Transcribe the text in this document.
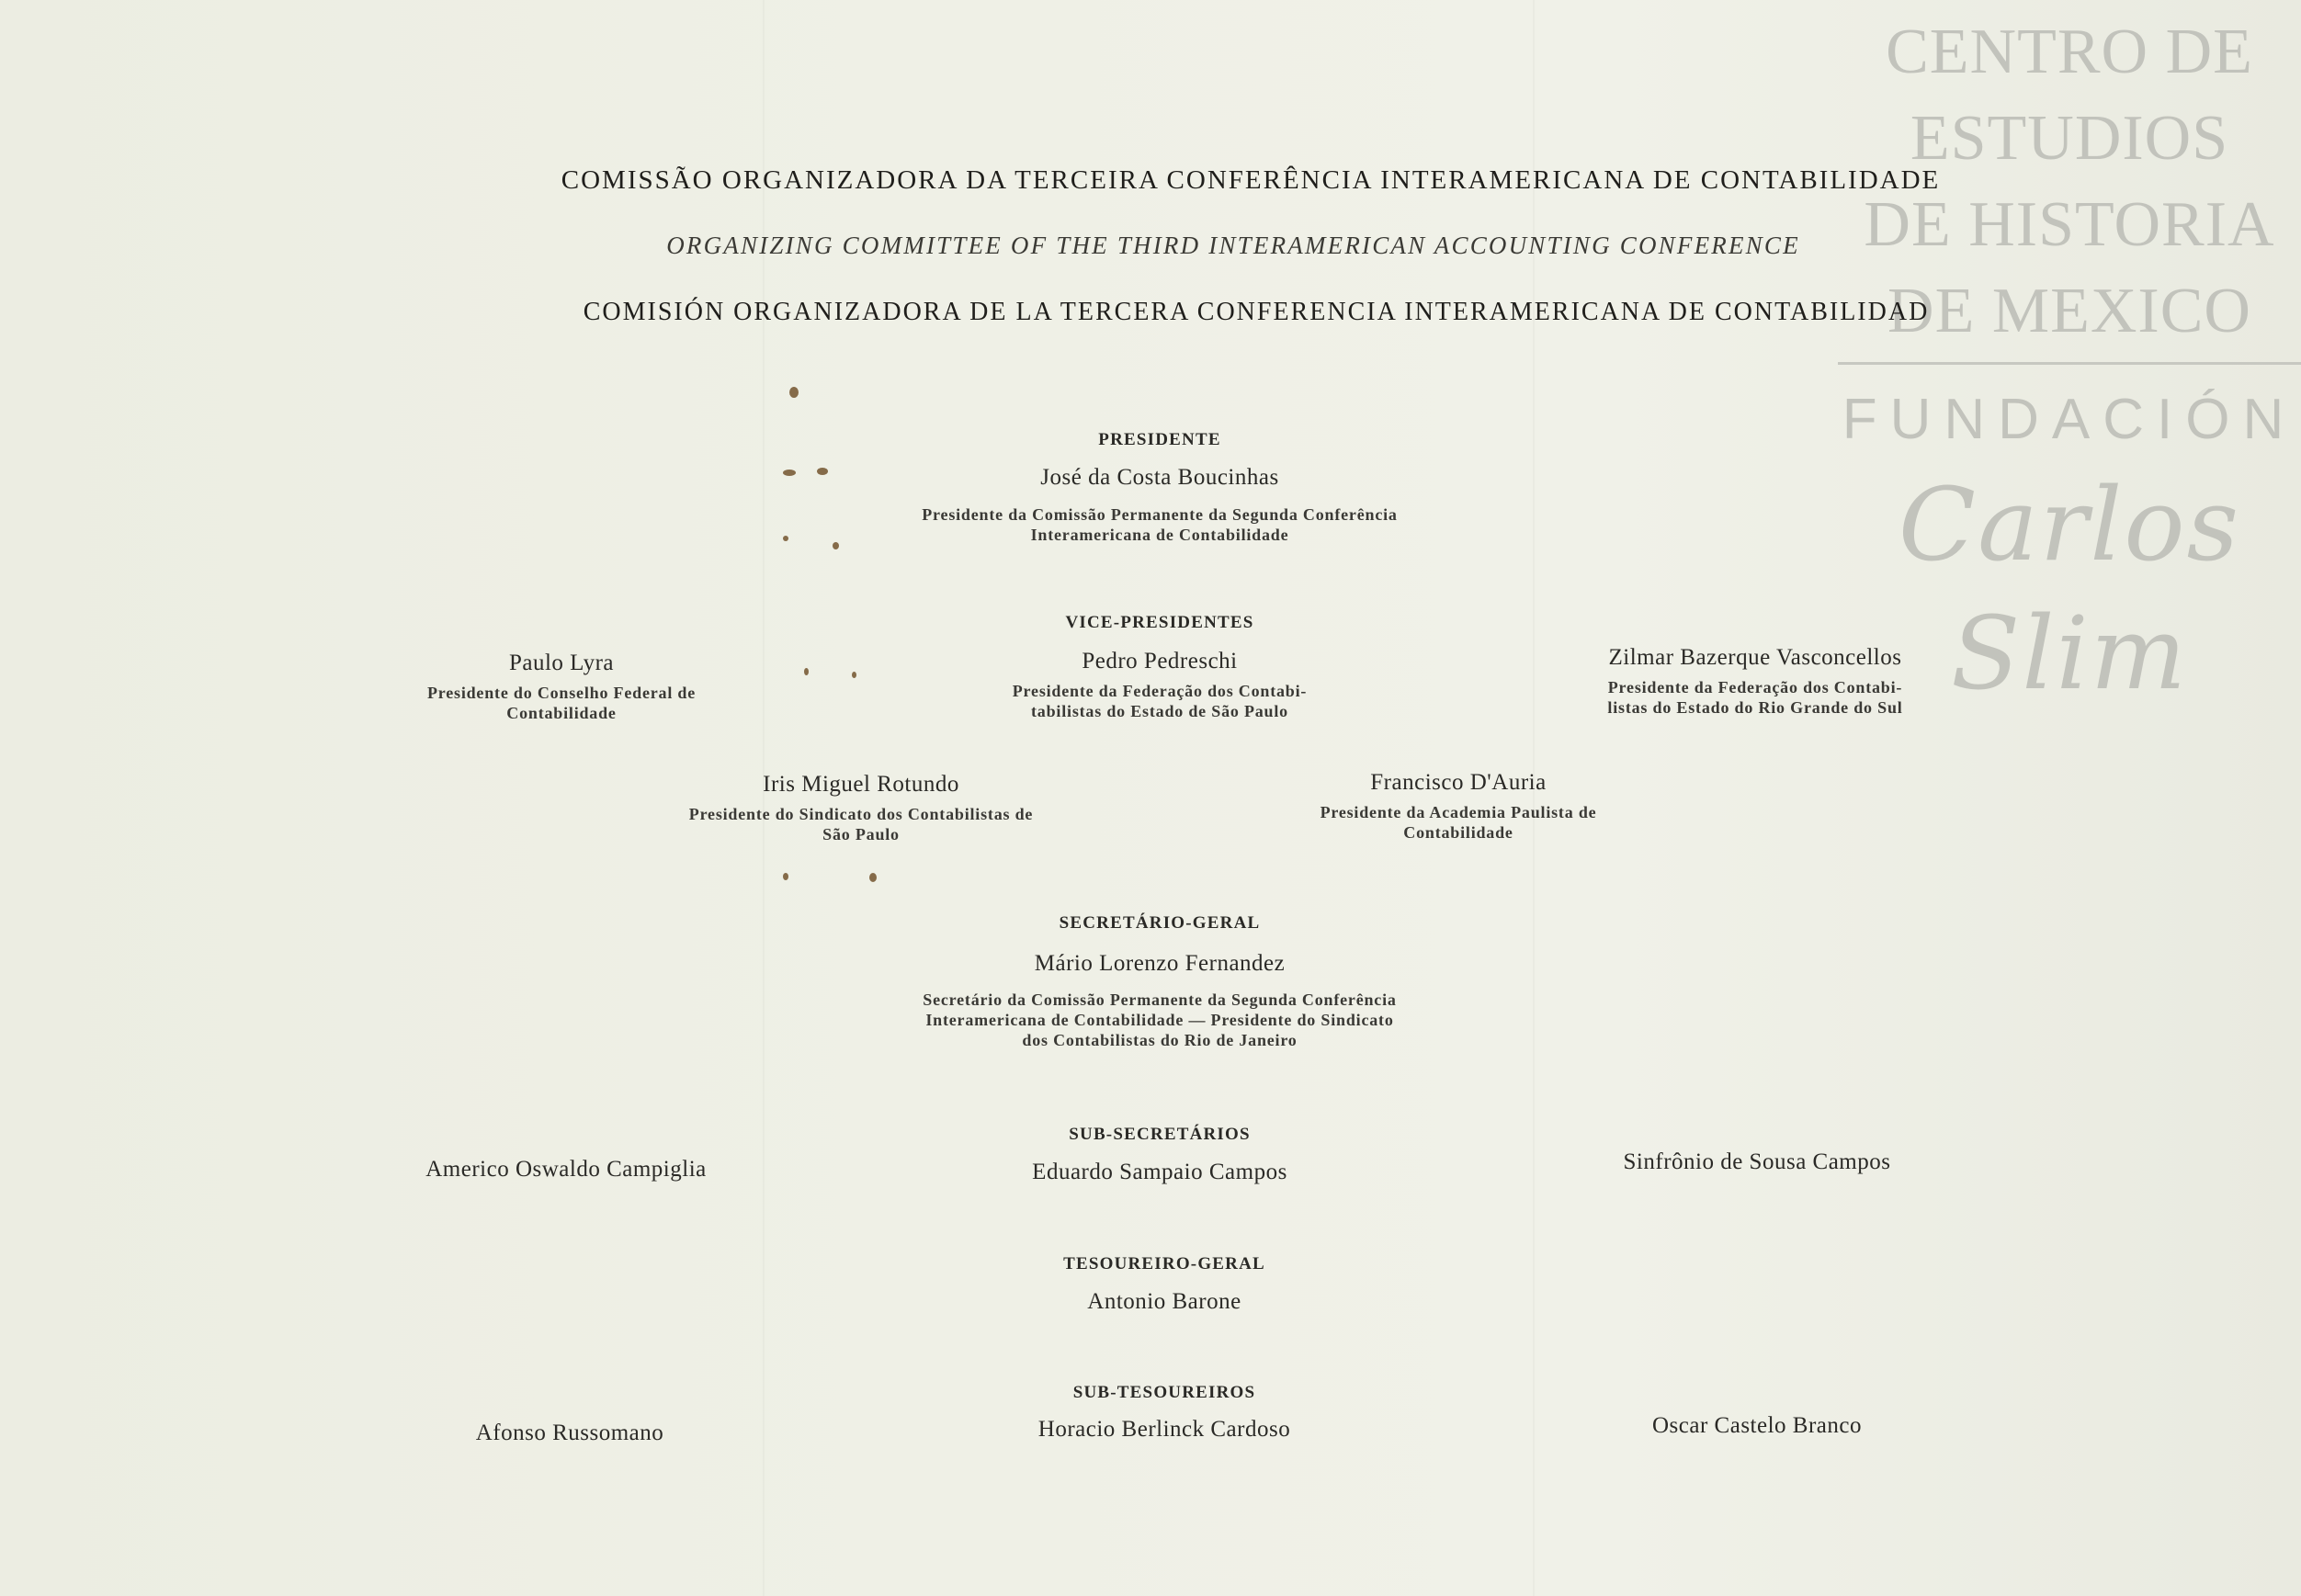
CENTRO DE
ESTUDIOS
DE HISTORIA
DE MEXICO
FUNDACIÓN
Carlos Slim
COMISSÃO ORGANIZADORA DA TERCEIRA CONFERÊNCIA INTERAMERICANA DE CONTABILIDADE
ORGANIZING COMMITTEE OF THE THIRD INTERAMERICAN ACCOUNTING CONFERENCE
COMISIÓN ORGANIZADORA DE LA TERCERA CONFERENCIA INTERAMERICANA DE CONTABILIDAD
PRESIDENTE
José da Costa Boucinhas
Presidente da Comissão Permanente da Segunda Conferência
Interamericana de Contabilidade
VICE-PRESIDENTES
Paulo Lyra
Presidente do Conselho Federal de
Contabilidade
Pedro Pedreschi
Presidente da Federação dos Contabi-
tabilistas do Estado de São Paulo
Zilmar Bazerque Vasconcellos
Presidente da Federação dos Contabi-
listas do Estado do Rio Grande do Sul
Iris Miguel Rotundo
Presidente do Sindicato dos Contabilistas de
São Paulo
Francisco D'Auria
Presidente da Academia Paulista de
Contabilidade
SECRETÁRIO-GERAL
Mário Lorenzo Fernandez
Secretário da Comissão Permanente da Segunda Conferência
Interamericana de Contabilidade — Presidente do Sindicato
dos Contabilistas do Rio de Janeiro
SUB-SECRETÁRIOS
Americo Oswaldo Campiglia	Eduardo Sampaio Campos	Sinfrônio de Sousa Campos
TESOUREIRO-GERAL
Antonio Barone
SUB-TESOUREIROS
Afonso Russomano	Horacio Berlinck Cardoso	Oscar Castelo Branco
